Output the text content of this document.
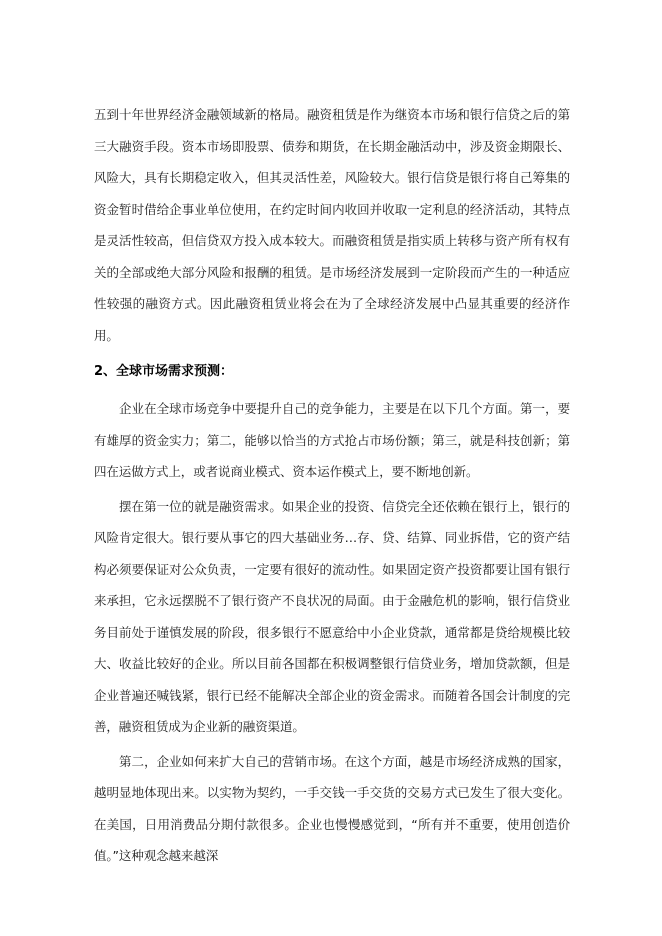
五到十年世界经济金融领域新的格局。融资租赁是作为继资本市场和银行信贷之后的第三大融资手段。资本市场即股票、债券和期货，在长期金融活动中，涉及资金期限长、风险大，具有长期稳定收入，但其灵活性差，风险较大。银行信贷是银行将自己筹集的资金暂时借给企事业单位使用，在约定时间内收回并收取一定利息的经济活动，其特点是灵活性较高，但信贷双方投入成本较大。而融资租赁是指实质上转移与资产所有权有关的全部或绝大部分风险和报酬的租赁。是市场经济发展到一定阶段而产生的一种适应性较强的融资方式。因此融资租赁业将会在为了全球经济发展中凸显其重要的经济作用。

2、全球市场需求预测：

企业在全球市场竞争中要提升自己的竞争能力，主要是在以下几个方面。第一，要有雄厚的资金实力；第二，能够以恰当的方式抢占市场份额；第三，就是科技创新；第四在运做方式上，或者说商业模式、资本运作模式上，要不断地创新。

摆在第一位的就是融资需求。如果企业的投资、信贷完全还依赖在银行上，银行的风险肯定很大。银行要从事它的四大基础业务…存、贷、结算、同业拆借，它的资产结构必须要保证对公众负责，一定要有很好的流动性。如果固定资产投资都要让国有银行来承担，它永远摆脱不了银行资产不良状况的局面。由于金融危机的影响，银行信贷业务目前处于谨慎发展的阶段，很多银行不愿意给中小企业贷款，通常都是贷给规模比较大、收益比较好的企业。所以目前各国都在积极调整银行信贷业务，增加贷款额，但是企业普遍还喊钱紧，银行已经不能解决全部企业的资金需求。而随着各国会计制度的完善，融资租赁成为企业新的融资渠道。

第二，企业如何来扩大自己的营销市场。在这个方面，越是市场经济成熟的国家，越明显地体现出来。以实物为契约，一手交钱一手交货的交易方式已发生了很大变化。在美国，日用消费品分期付款很多。企业也慢慢感觉到，“所有并不重要，使用创造价值。”这种观念越来越深
